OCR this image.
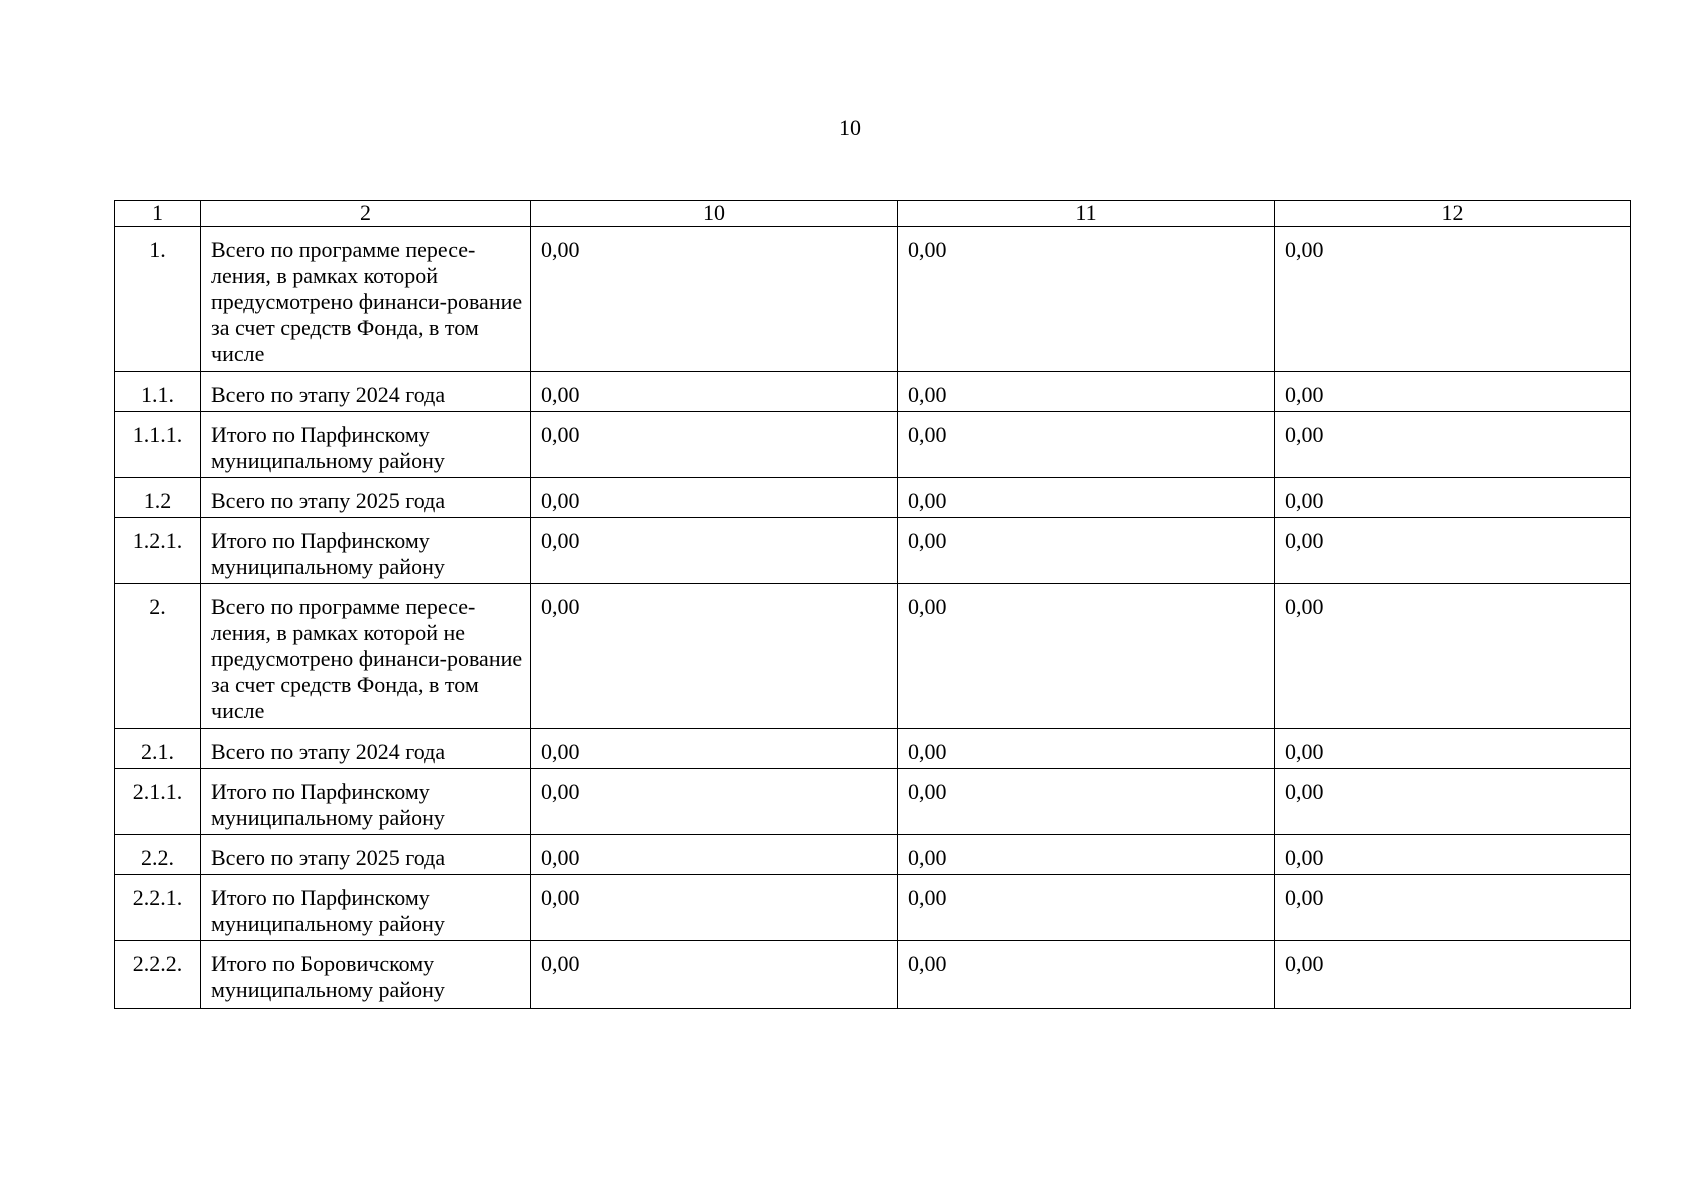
10
1	2	10	11	12
1.	Всего по программе пересе-ления, в рамках которой предусмотрено финанси-рование за счет средств Фонда, в том числе	0,00	0,00	0,00
1.1.	Всего по этапу 2024 года	0,00	0,00	0,00
1.1.1.	Итого по Парфинскому муниципальному району	0,00	0,00	0,00
1.2	Всего по этапу 2025 года	0,00	0,00	0,00
1.2.1.	Итого по Парфинскому муниципальному району	0,00	0,00	0,00
2.	Всего по программе пересе-ления, в рамках которой не предусмотрено финанси-рование за счет средств Фонда, в том числе	0,00	0,00	0,00
2.1.	Всего по этапу 2024 года	0,00	0,00	0,00
2.1.1.	Итого по Парфинскому муниципальному району	0,00	0,00	0,00
2.2.	Всего по этапу 2025 года	0,00	0,00	0,00
2.2.1.	Итого по Парфинскому муниципальному району	0,00	0,00	0,00
2.2.2.	Итого по Боровичскому муниципальному району	0,00	0,00	0,00
